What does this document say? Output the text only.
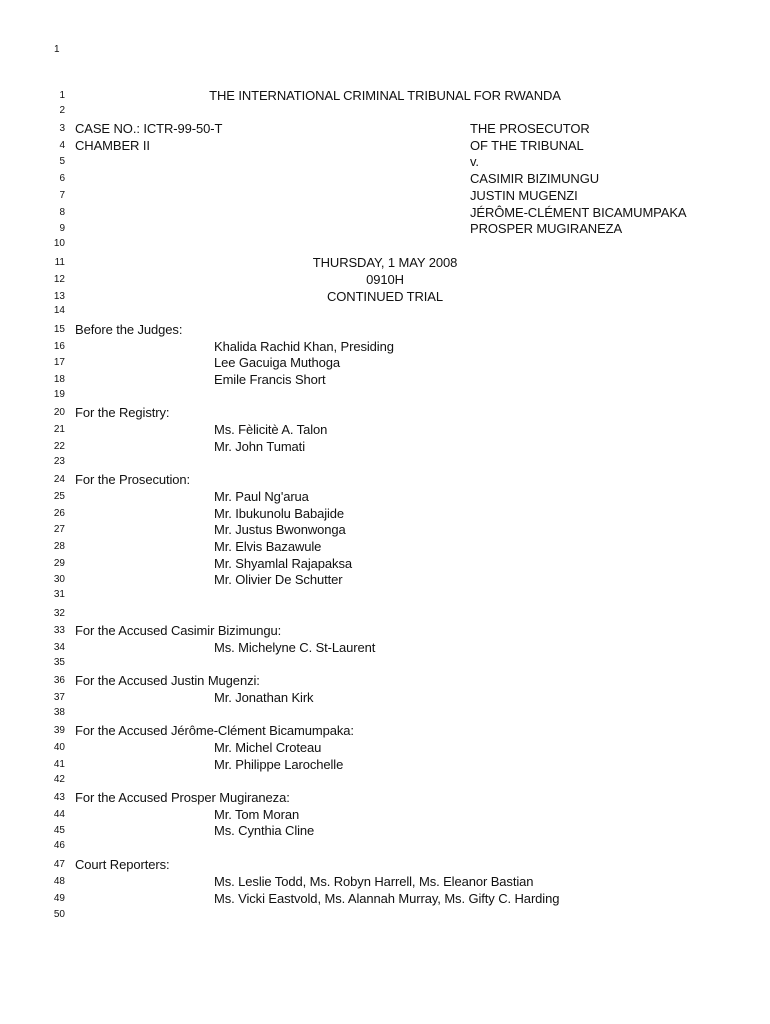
1
1
2
3
4
5
6
7
8
9
10
11
12
13
14
15
16
17
18
19
20
21
22
23
24
25
26
27
28
29
30
31
32
33
34
35
36
37
38
39
40
41
42
43
44
45
46
47
48
49
50
THE INTERNATIONAL CRIMINAL TRIBUNAL FOR RWANDA
CASE NO.: ICTR-99-50-T
CHAMBER II
THE PROSECUTOR
OF THE TRIBUNAL
v.
CASIMIR BIZIMUNGU
JUSTIN MUGENZI
JÉRÔME-CLÉMENT BICAMUMPAKA
PROSPER MUGIRANEZA
THURSDAY, 1 MAY 2008
0910H
CONTINUED TRIAL
Before the Judges:
Khalida Rachid Khan, Presiding
Lee Gacuiga Muthoga
Emile Francis Short
For the Registry:
Ms. Fèlicitè A. Talon
Mr. John Tumati
For the Prosecution:
Mr. Paul Ng'arua
Mr. Ibukunolu Babajide
Mr. Justus Bwonwonga
Mr. Elvis Bazawule
Mr. Shyamlal Rajapaksa
Mr. Olivier De Schutter
For the Accused Casimir Bizimungu:
Ms. Michelyne C. St-Laurent
For the Accused Justin Mugenzi:
Mr. Jonathan Kirk
For the Accused Jérôme-Clément Bicamumpaka:
Mr. Michel Croteau
Mr. Philippe Larochelle
For the Accused Prosper Mugiraneza:
Mr. Tom Moran
Ms. Cynthia Cline
Court Reporters:
Ms. Leslie Todd, Ms. Robyn Harrell, Ms. Eleanor Bastian
Ms. Vicki Eastvold, Ms. Alannah Murray, Ms. Gifty C. Harding
